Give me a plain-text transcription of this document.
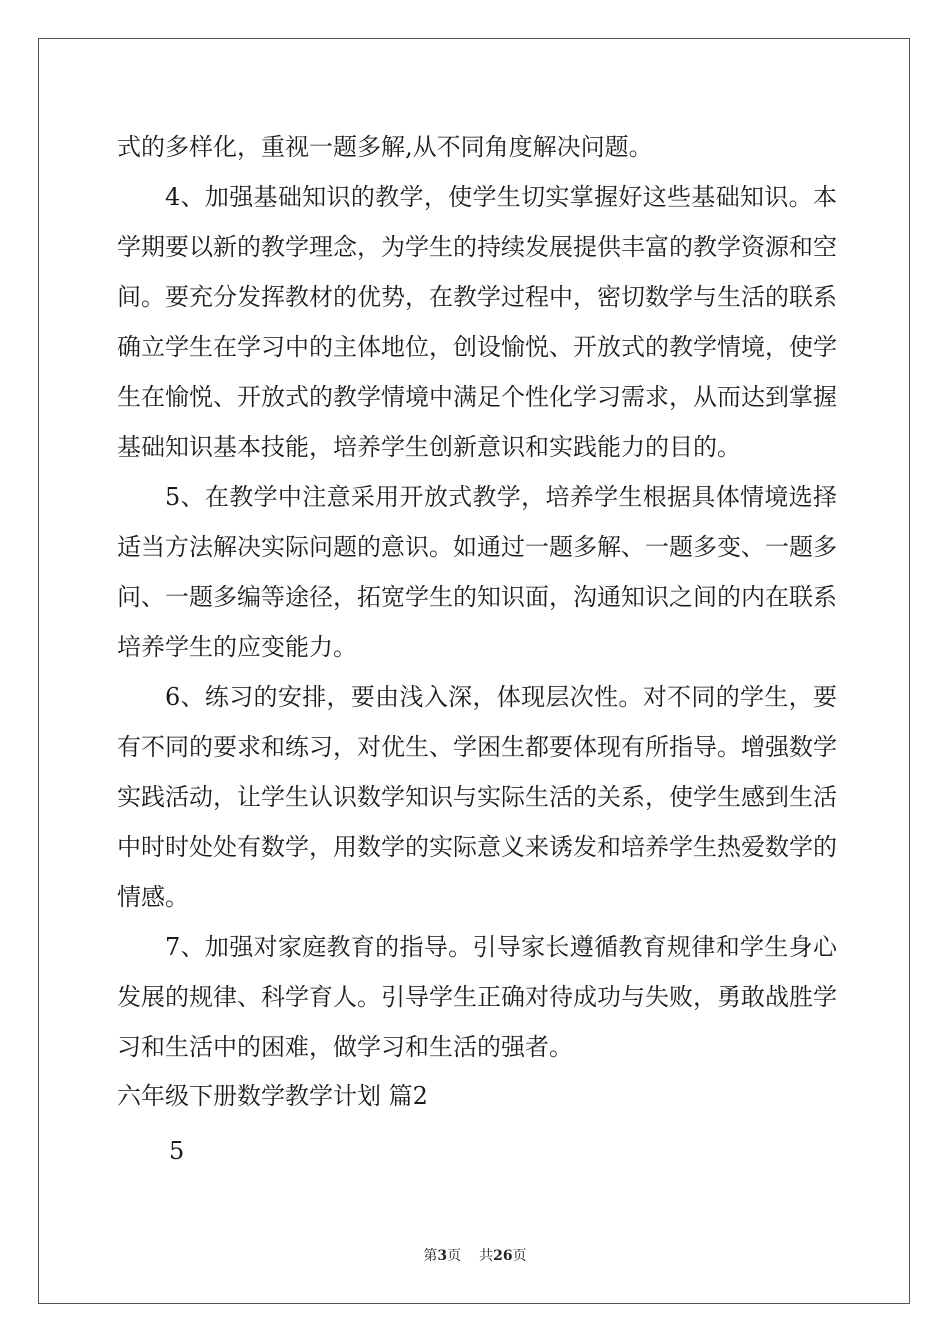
式的多样化，重视一题多解,从不同角度解决问题。

4、加强基础知识的教学，使学生切实掌握好这些基础知识。本学期要以新的教学理念，为学生的持续发展提供丰富的教学资源和空间。要充分发挥教材的优势，在教学过程中，密切数学与生活的联系确立学生在学习中的主体地位，创设愉悦、开放式的教学情境，使学生在愉悦、开放式的教学情境中满足个性化学习需求，从而达到掌握基础知识基本技能，培养学生创新意识和实践能力的目的。

5、在教学中注意采用开放式教学，培养学生根据具体情境选择适当方法解决实际问题的意识。如通过一题多解、一题多变、一题多问、一题多编等途径，拓宽学生的知识面，沟通知识之间的内在联系培养学生的应变能力。

6、练习的安排，要由浅入深，体现层次性。对不同的学生，要有不同的要求和练习，对优生、学困生都要体现有所指导。增强数学实践活动，让学生认识数学知识与实际生活的关系，使学生感到生活中时时处处有数学，用数学的实际意义来诱发和培养学生热爱数学的情感。

7、加强对家庭教育的指导。引导家长遵循教育规律和学生身心发展的规律、科学育人。引导学生正确对待成功与失败，勇敢战胜学习和生活中的困难，做学习和生活的强者。

六年级下册数学教学计划 篇2

5

第3页 共26页
